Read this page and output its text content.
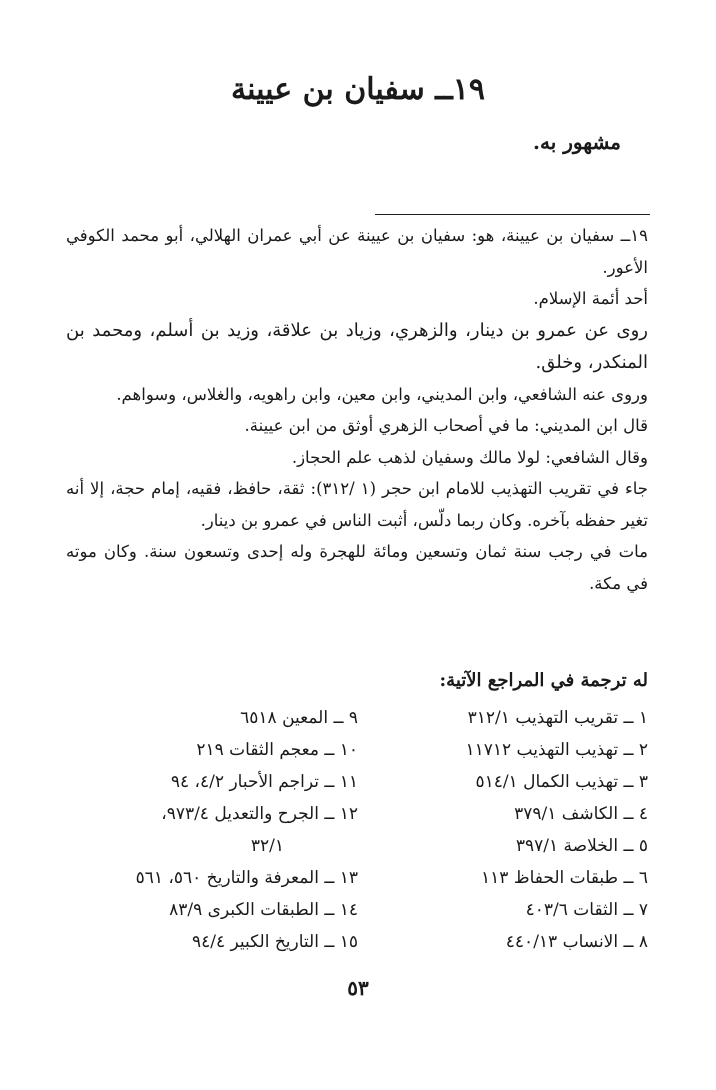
١٩ــ سفيان بن عيينة

مشهور به.

١٩ــ سفيان بن عيينة، هو: سفيان بن عيينة عن أبي عمران الهلالي، أبو محمد الكوفي الأعور.

أحد أئمة الإسلام.

روى عن عمرو بن دينار، والزهري، وزياد بن علاقة، وزيد بن أسلم، ومحمد بن المنكدر، وخلق.

وروى عنه الشافعي، وابن المديني، وابن معين، وابن راهويه، والغلاس، وسواهم.

قال ابن المديني: ما في أصحاب الزهري أوثق من ابن عيينة.

وقال الشافعي: لولا مالك وسفيان لذهب علم الحجاز.

جاء في تقريب التهذيب للامام ابن حجر (١ /٣١٢): ثقة، حافظ، فقيه، إمام حجة، إلا أنه تغير حفظه بآخره. وكان ربما دلّس، أثبت الناس في عمرو بن دينار.

مات في رجب سنة ثمان وتسعين ومائة للهجرة وله إحدى وتسعون سنة. وكان موته في مكة.

له ترجمة في المراجع الآتية:
١ ــ تقريب التهذيب ٣١٢/١
٢ ــ تهذيب التهذيب ١١٧١٢
٣ ــ تهذيب الكمال ٥١٤/١
٤ ــ الكاشف ٣٧٩/١
٥ ــ الخلاصة ٣٩٧/١
٦ ــ طبقات الحفاظ ١١٣
٧ ــ الثقات ٤٠٣/٦
٨ ــ الانساب ٤٤٠/١٣
٩ ــ المعين ٦٥١٨
١٠ ــ معجم الثقات ٢١٩
١١ ــ تراجم الأحبار ٤/٢، ٩٤
١٢ ــ الجرح والتعديل ٩٧٣/٤،
٣٢/١
١٣ ــ المعرفة والتاريخ ٥٦٠، ٥٦١
١٤ ــ الطبقات الكبرى ٨٣/٩
١٥ ــ التاريخ الكبير ٩٤/٤

٥٣
